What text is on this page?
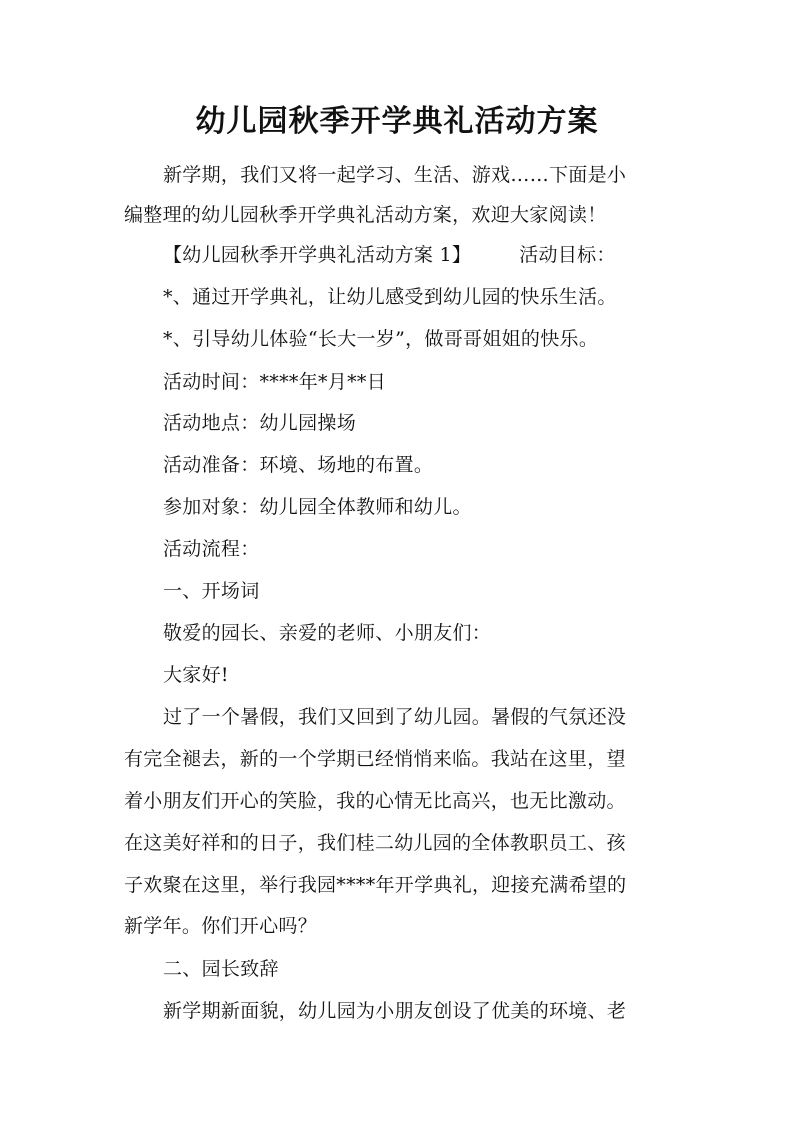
幼儿园秋季开学典礼活动方案
新学期，我们又将一起学习、生活、游戏……下面是小
编整理的幼儿园秋季开学典礼活动方案，欢迎大家阅读！
【幼儿园秋季开学典礼活动方案 1】	活动目标：
*、通过开学典礼，让幼儿感受到幼儿园的快乐生活。
*、引导幼儿体验“长大一岁”，做哥哥姐姐的快乐。
活动时间：****年*月**日
活动地点：幼儿园操场
活动准备：环境、场地的布置。
参加对象：幼儿园全体教师和幼儿。
活动流程：
一、开场词
敬爱的园长、亲爱的老师、小朋友们：
大家好!
过了一个暑假，我们又回到了幼儿园。暑假的气氛还没
有完全褪去，新的一个学期已经悄悄来临。我站在这里，望
着小朋友们开心的笑脸，我的心情无比高兴，也无比激动。
在这美好祥和的日子，我们桂二幼儿园的全体教职员工、孩
子欢聚在这里，举行我园****年开学典礼，迎接充满希望的
新学年。你们开心吗？
二、园长致辞
新学期新面貌，幼儿园为小朋友创设了优美的环境、老
